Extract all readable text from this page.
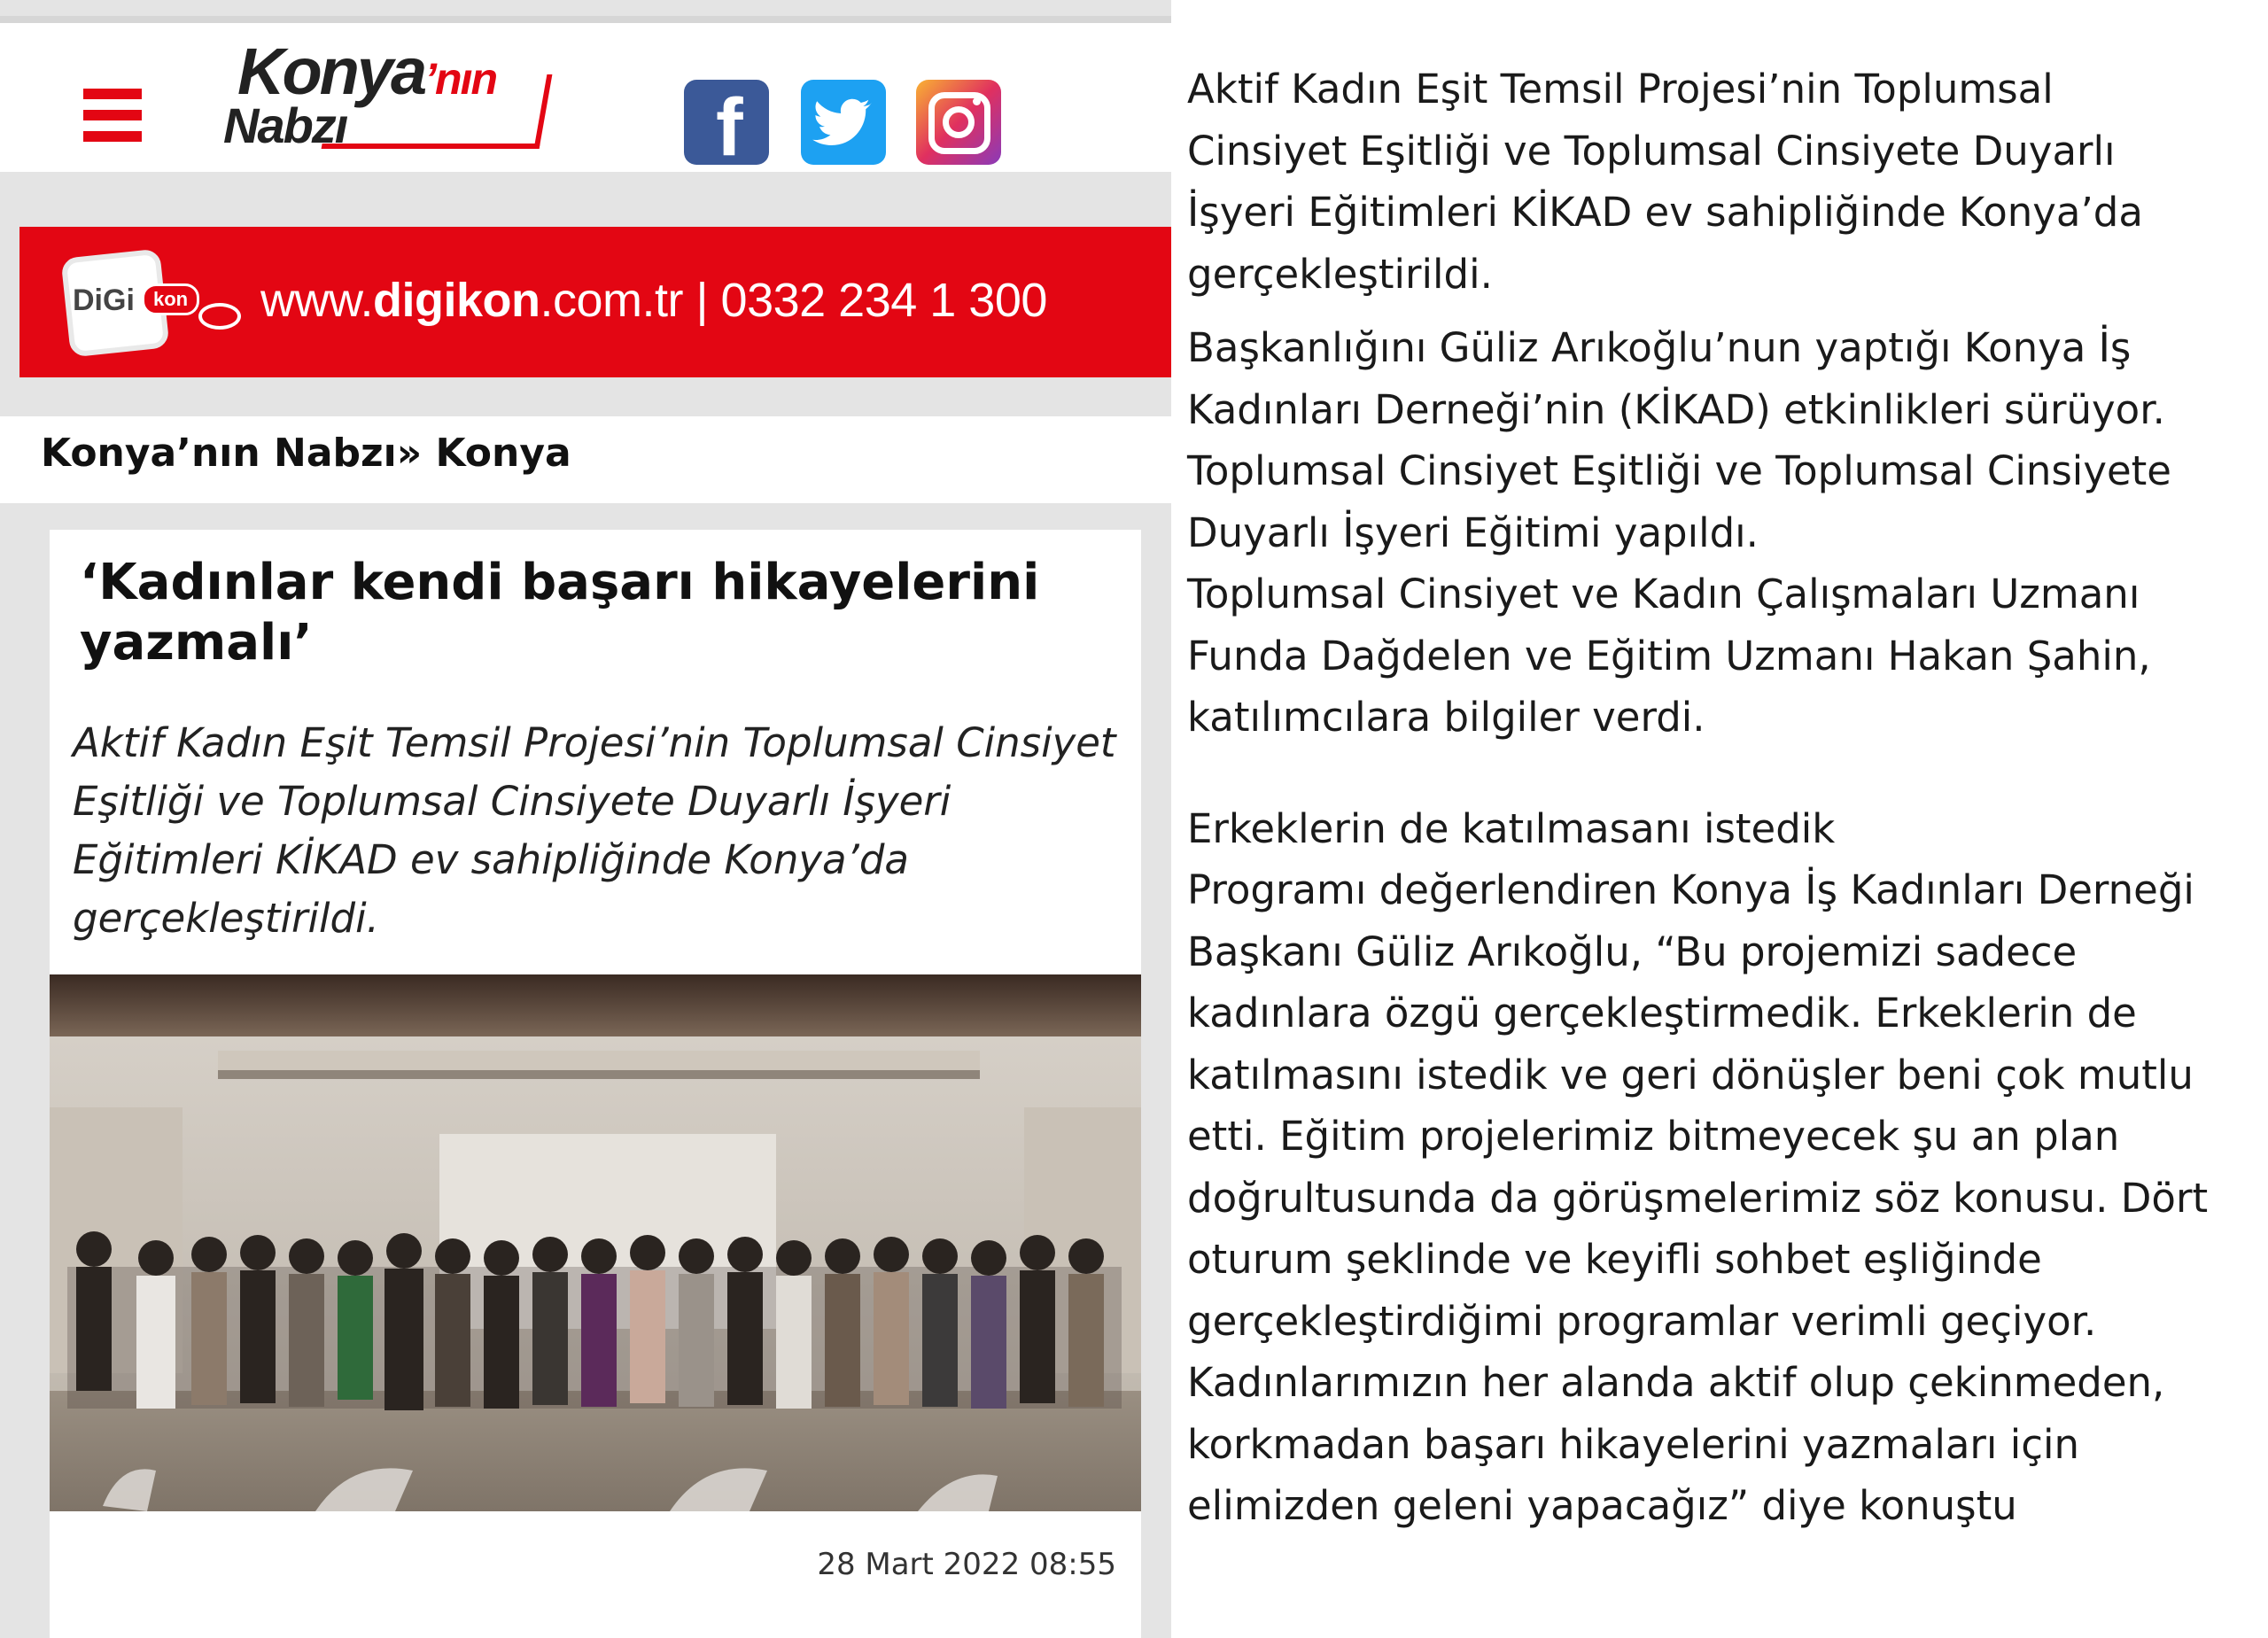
Konya’nın
Nabzı	f
DiGi kon www.digikon.com.tr | 0332 234 1 300
Konya’nın Nabzı» Konya
‘Kadınlar kendi başarı hikayelerini yazmalı’

Aktif Kadın Eşit Temsil Projesi’nin Toplumsal Cinsiyet Eşitliği ve Toplumsal Cinsiyete Duyarlı İşyeri Eğitimleri KİKAD ev sahipliğinde Konya’da gerçekleştirildi.

28 Mart 2022 08:55

Aktif Kadın Eşit Temsil Projesi’nin Toplumsal
Cinsiyet Eşitliği ve Toplumsal Cinsiyete Duyarlı
İşyeri Eğitimleri KİKAD ev sahipliğinde Konya’da
gerçekleştirildi.

Başkanlığını Güliz Arıkoğlu’nun yaptığı Konya İş
Kadınları Derneği’nin (KİKAD) etkinlikleri sürüyor.
Toplumsal Cinsiyet Eşitliği ve Toplumsal Cinsiyete
Duyarlı İşyeri Eğitimi yapıldı.
Toplumsal Cinsiyet ve Kadın Çalışmaları Uzmanı
Funda Dağdelen ve Eğitim Uzmanı Hakan Şahin,
katılımcılara bilgiler verdi.

Erkeklerin de katılmasanı istedik
Programı değerlendiren Konya İş Kadınları Derneği
Başkanı Güliz Arıkoğlu, “Bu projemizi sadece
kadınlara özgü gerçekleştirmedik. Erkeklerin de
katılmasını istedik ve geri dönüşler beni çok mutlu
etti. Eğitim projelerimiz bitmeyecek şu an plan
doğrultusunda da görüşmelerimiz söz konusu. Dört
oturum şeklinde ve keyifli sohbet eşliğinde
gerçekleştirdiğimi programlar verimli geçiyor.
Kadınlarımızın her alanda aktif olup çekinmeden,
korkmadan başarı hikayelerini yazmaları için
elimizden geleni yapacağız” diye konuştu
